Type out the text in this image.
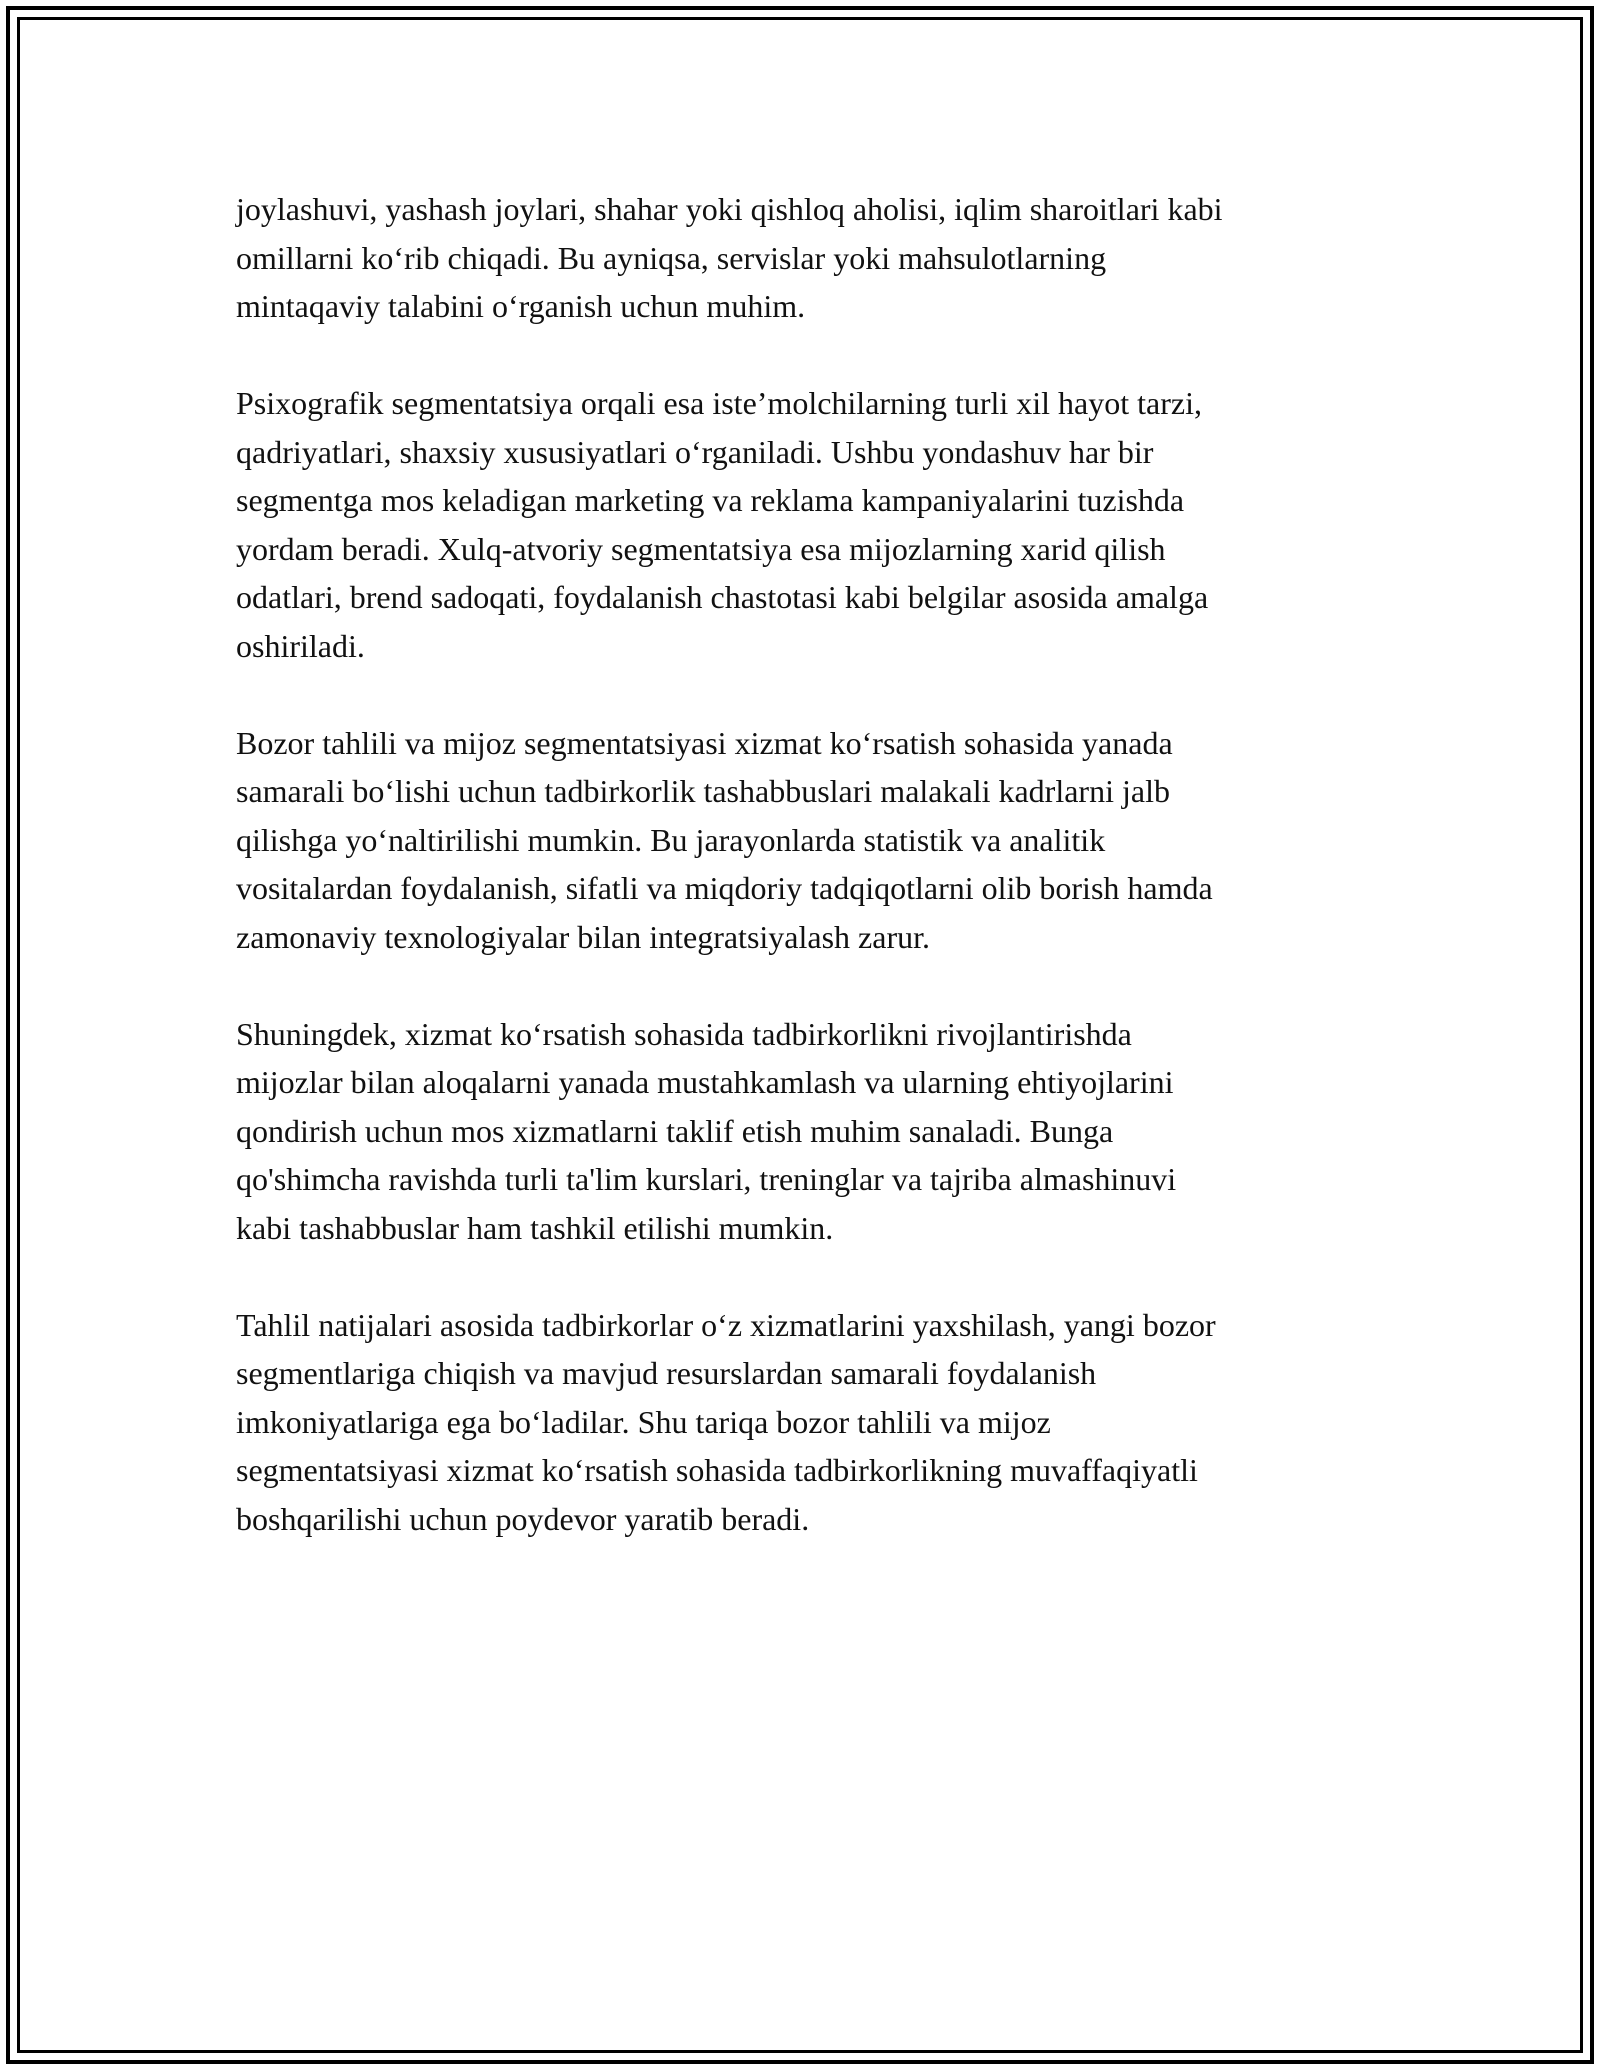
joylashuvi, yashash joylari, shahar yoki qishloq aholisi, iqlim sharoitlari kabi
omillarni ko‘rib chiqadi. Bu ayniqsa, servislar yoki mahsulotlarning
mintaqaviy talabini o‘rganish uchun muhim.

Psixografik segmentatsiya orqali esa iste’molchilarning turli xil hayot tarzi,
qadriyatlari, shaxsiy xususiyatlari o‘rganiladi. Ushbu yondashuv har bir
segmentga mos keladigan marketing va reklama kampaniyalarini tuzishda
yordam beradi. Xulq-atvoriy segmentatsiya esa mijozlarning xarid qilish
odatlari, brend sadoqati, foydalanish chastotasi kabi belgilar asosida amalga
oshiriladi.

Bozor tahlili va mijoz segmentatsiyasi xizmat ko‘rsatish sohasida yanada
samarali bo‘lishi uchun tadbirkorlik tashabbuslari malakali kadrlarni jalb
qilishga yo‘naltirilishi mumkin. Bu jarayonlarda statistik va analitik
vositalardan foydalanish, sifatli va miqdoriy tadqiqotlarni olib borish hamda
zamonaviy texnologiyalar bilan integratsiyalash zarur.

Shuningdek, xizmat ko‘rsatish sohasida tadbirkorlikni rivojlantirishda
mijozlar bilan aloqalarni yanada mustahkamlash va ularning ehtiyojlarini
qondirish uchun mos xizmatlarni taklif etish muhim sanaladi. Bunga
qo'shimcha ravishda turli ta'lim kurslari, treninglar va tajriba almashinuvi
kabi tashabbuslar ham tashkil etilishi mumkin.

Tahlil natijalari asosida tadbirkorlar o‘z xizmatlarini yaxshilash, yangi bozor
segmentlariga chiqish va mavjud resurslardan samarali foydalanish
imkoniyatlariga ega bo‘ladilar. Shu tariqa bozor tahlili va mijoz
segmentatsiyasi xizmat ko‘rsatish sohasida tadbirkorlikning muvaffaqiyatli
boshqarilishi uchun poydevor yaratib beradi.
